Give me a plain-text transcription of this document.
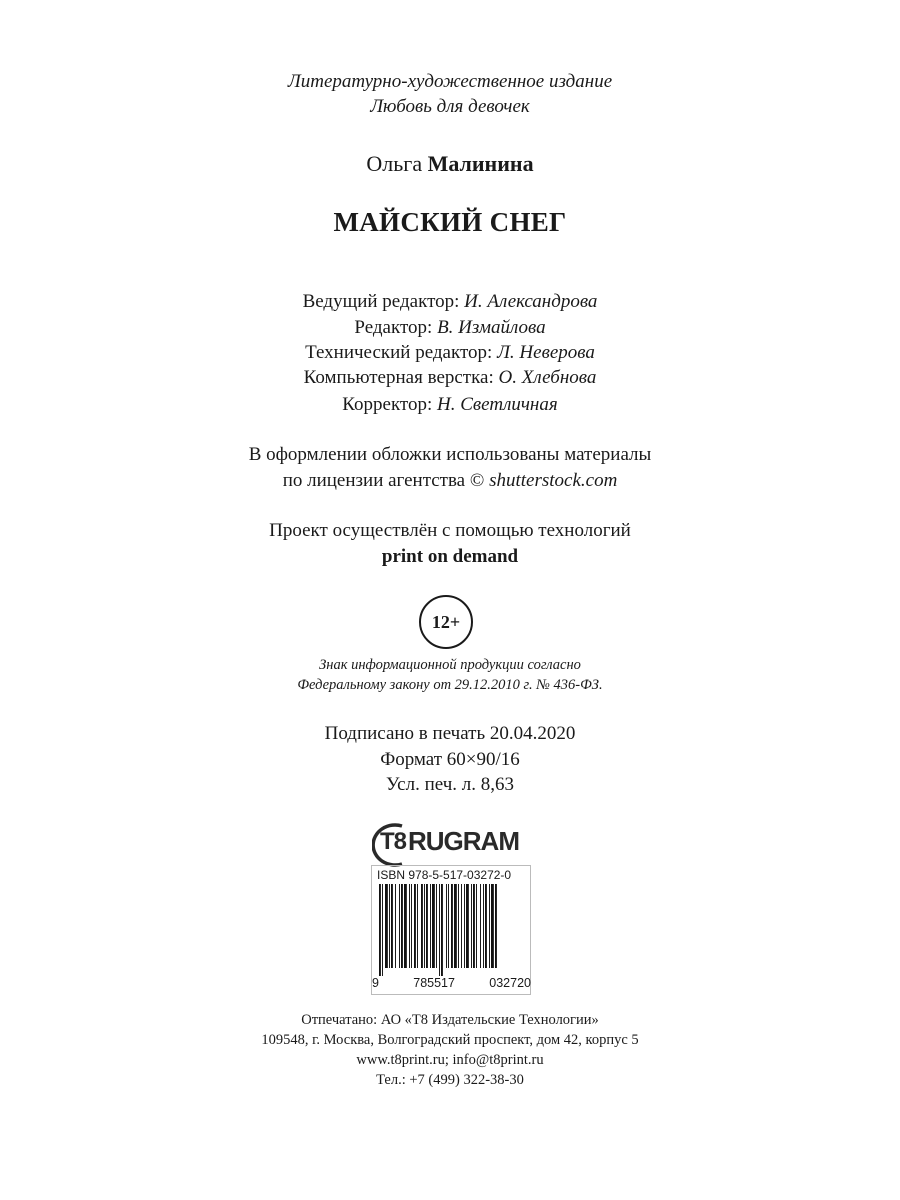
Литературно-художественное издание
Любовь для девочек
Ольга Малинина
МАЙСКИЙ СНЕГ
Ведущий редактор: И. Александрова
Редактор: В. Измайлова
Технический редактор: Л. Неверова
Компьютерная верстка: О. Хлебнова
Корректор: Н. Светличная
В оформлении обложки использованы материалы
по лицензии агентства © shutterstock.com
Проект осуществлён с помощью технологий
print on demand
12+
Знак информационной продукции согласно
Федеральному закону от 29.12.2010 г. № 436-ФЗ.
Подписано в печать 20.04.2020
Формат 60×90/16
Усл. печ. л. 8,63
T8 RUGRAM
ISBN 978-5-517-03272-0
9	785517	032720
Отпечатано: АО «Т8 Издательские Технологии»
109548, г. Москва, Волгоградский проспект, дом 42, корпус 5
www.t8print.ru; info@t8print.ru
Тел.: +7 (499) 322-38-30
